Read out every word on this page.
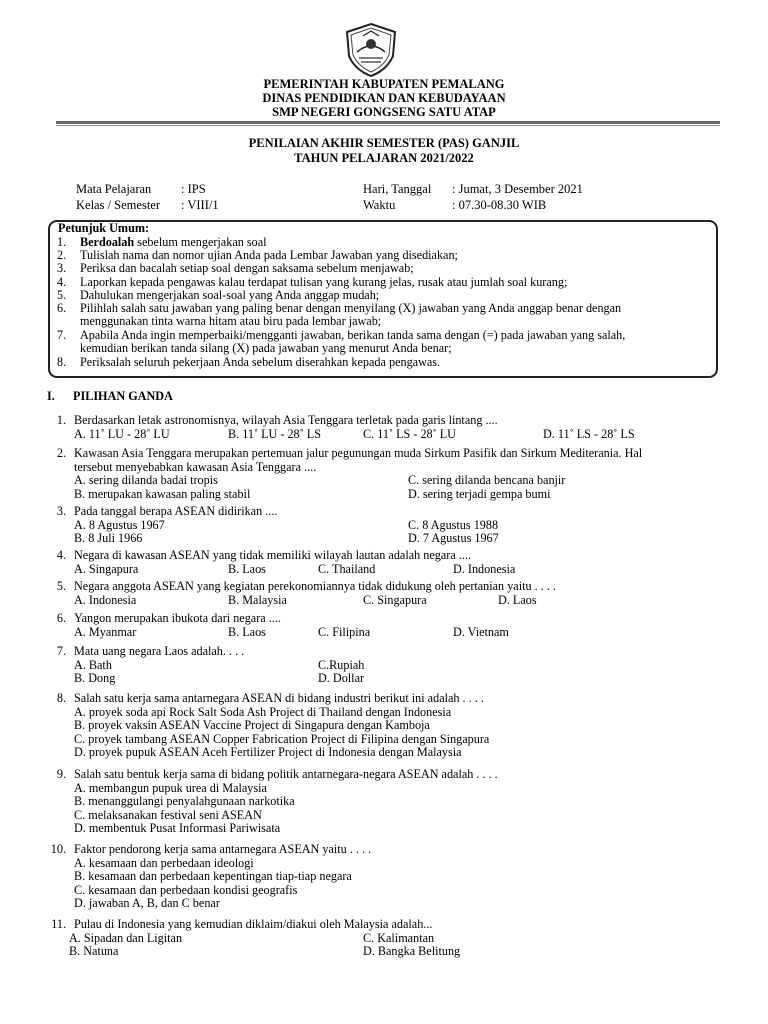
PEMERINTAH KABUPATEN PEMALANG
DINAS PENDIDIKAN DAN KEBUDAYAAN
SMP NEGERI GONGSENG SATU ATAP
PENILAIAN AKHIR SEMESTER (PAS) GANJIL
TAHUN PELAJARAN 2021/2022
Mata Pelajaran : IPS	Hari, Tanggal : Jumat, 3 Desember 2021
Kelas / Semester : VIII/1	Waktu	: 07.30-08.30 WIB
Petunjuk Umum:
1. Berdoalah sebelum mengerjakan soal
2. Tulislah nama dan nomor ujian Anda pada Lembar Jawaban yang disediakan;
3. Periksa dan bacalah setiap soal dengan saksama sebelum menjawab;
4. Laporkan kepada pengawas kalau terdapat tulisan yang kurang jelas, rusak atau jumlah soal kurang;
5. Dahulukan mengerjakan soal-soal yang Anda anggap mudah;
6. Pilihlah salah satu jawaban yang paling benar dengan menyilang (X) jawaban yang Anda anggap benar dengan
menggunakan tinta warna hitam atau biru pada lembar jawab;
7. Apabila Anda ingin memperbaiki/mengganti jawaban, berikan tanda sama dengan (=) pada jawaban yang salah,
kemudian berikan tanda silang (X) pada jawaban yang menurut Anda benar;
8. Periksalah seluruh pekerjaan Anda sebelum diserahkan kepada pengawas.
I. PILIHAN GANDA
1. Berdasarkan letak astronomisnya, wilayah Asia Tenggara terletak pada garis lintang ....
A. 11˚ LU - 28˚ LU	B. 11˚ LU - 28˚ LS	C. 11˚ LS - 28˚ LU	D. 11˚ LS - 28˚ LS
2. Kawasan Asia Tenggara merupakan pertemuan jalur pegunungan muda Sirkum Pasifik dan Sirkum Mediterania. Hal
tersebut menyebabkan kawasan Asia Tenggara ....
A. sering dilanda badai tropis	C. sering dilanda bencana banjir
B. merupakan kawasan paling stabil	D. sering terjadi gempa bumi
3. Pada tanggal berapa ASEAN didirikan ....
A. 8 Agustus 1967	C. 8 Agustus 1988
B. 8 Juli 1966	D. 7 Agustus 1967
4. Negara di kawasan ASEAN yang tidak memiliki wilayah lautan adalah negara ....
A. Singapura	B. Laos	C. Thailand	D. Indonesia
5. Negara anggota ASEAN yang kegiatan perekonomiannya tidak didukung oleh pertanian yaitu . . . .
A. Indonesia	B. Malaysia	C. Singapura	D. Laos
6. Yangon merupakan ibukota dari negara ....
A. Myanmar	B. Laos	C. Filipina	D. Vietnam
7. Mata uang negara Laos adalah. . . .
A. Bath	C.Rupiah
B. Dong	D. Dollar
8. Salah satu kerja sama antarnegara ASEAN di bidang industri berikut ini adalah . . . .
A. proyek soda api Rock Salt Soda Ash Project di Thailand dengan Indonesia
B. proyek vaksin ASEAN Vaccine Project di Singapura dengan Kamboja
C. proyek tambang ASEAN Copper Fabrication Project di Filipina dengan Singapura
D. proyek pupuk ASEAN Aceh Fertilizer Project di Indonesia dengan Malaysia
9. Salah satu bentuk kerja sama di bidang politik antarnegara-negara ASEAN adalah . . . .
A. membangun pupuk urea di Malaysia
B. menanggulangi penyalahgunaan narkotika
C. melaksanakan festival seni ASEAN
D. membentuk Pusat Informasi Pariwisata
10. Faktor pendorong kerja sama antarnegara ASEAN yaitu . . . .
A. kesamaan dan perbedaan ideologi
B. kesamaan dan perbedaan kepentingan tiap-tiap negara
C. kesamaan dan perbedaan kondisi geografis
D. jawaban A, B, dan C benar
11. Pulau di Indonesia yang kemudian diklaim/diakui oleh Malaysia adalah...
A. Sipadan dan Ligitan	C. Kalimantan
B. Natuna	D. Bangka Belitung
